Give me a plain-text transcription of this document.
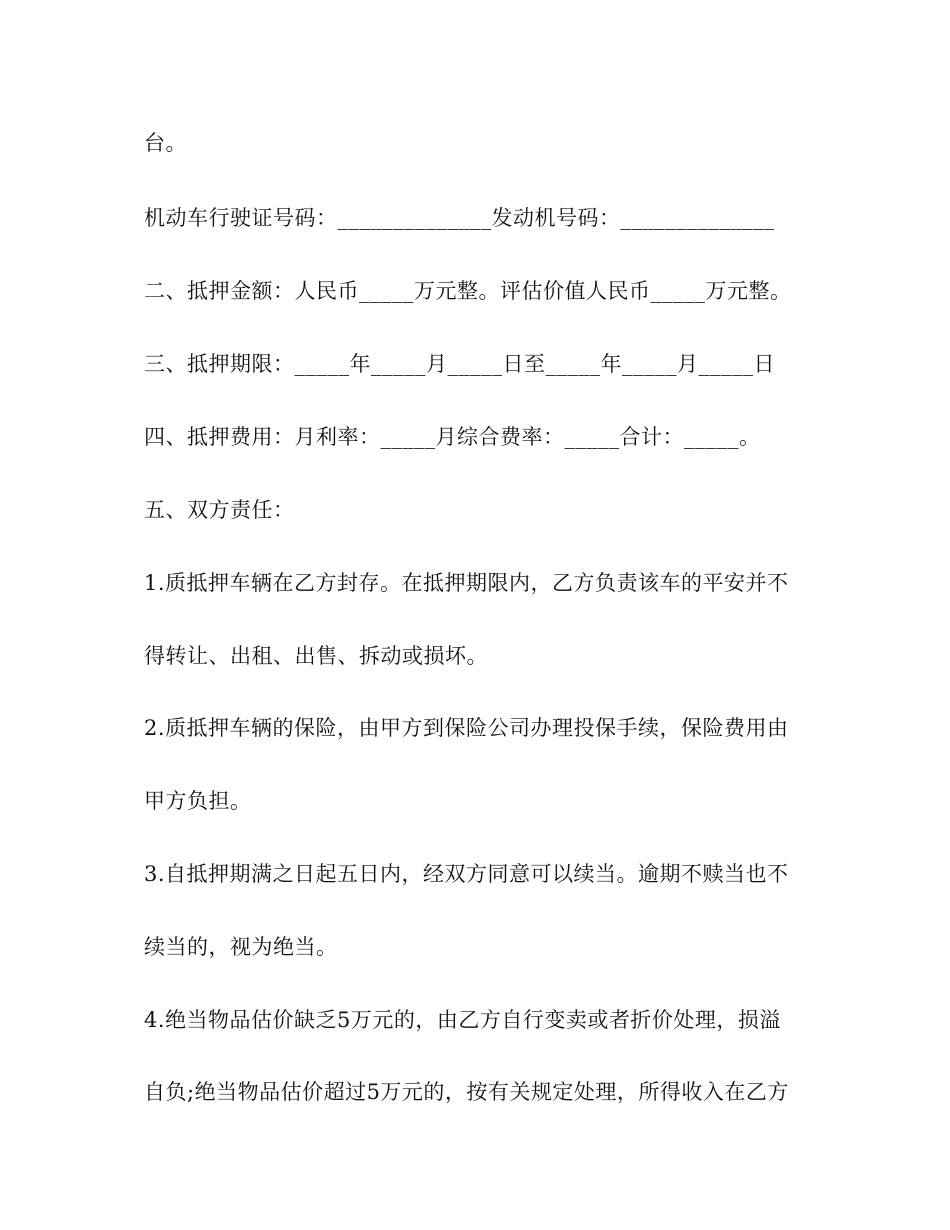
台。
机动车行驶证号码：______________发动机号码：______________
二、抵押金额：人民币_____万元整。评估价值人民币_____万元整。
三、抵押期限：_____年_____月_____日至_____年_____月_____日
四、抵押费用：月利率：_____月综合费率：_____合计：_____。
五、双方责任：
1.质抵押车辆在乙方封存。在抵押期限内，乙方负责该车的平安并不
得转让、出租、出售、拆动或损坏。
2.质抵押车辆的保险，由甲方到保险公司办理投保手续，保险费用由
甲方负担。
3.自抵押期满之日起五日内，经双方同意可以续当。逾期不赎当也不
续当的，视为绝当。
4.绝当物品估价缺乏5万元的，由乙方自行变卖或者折价处理，损溢
自负;绝当物品估价超过5万元的，按有关规定处理，所得收入在乙方
